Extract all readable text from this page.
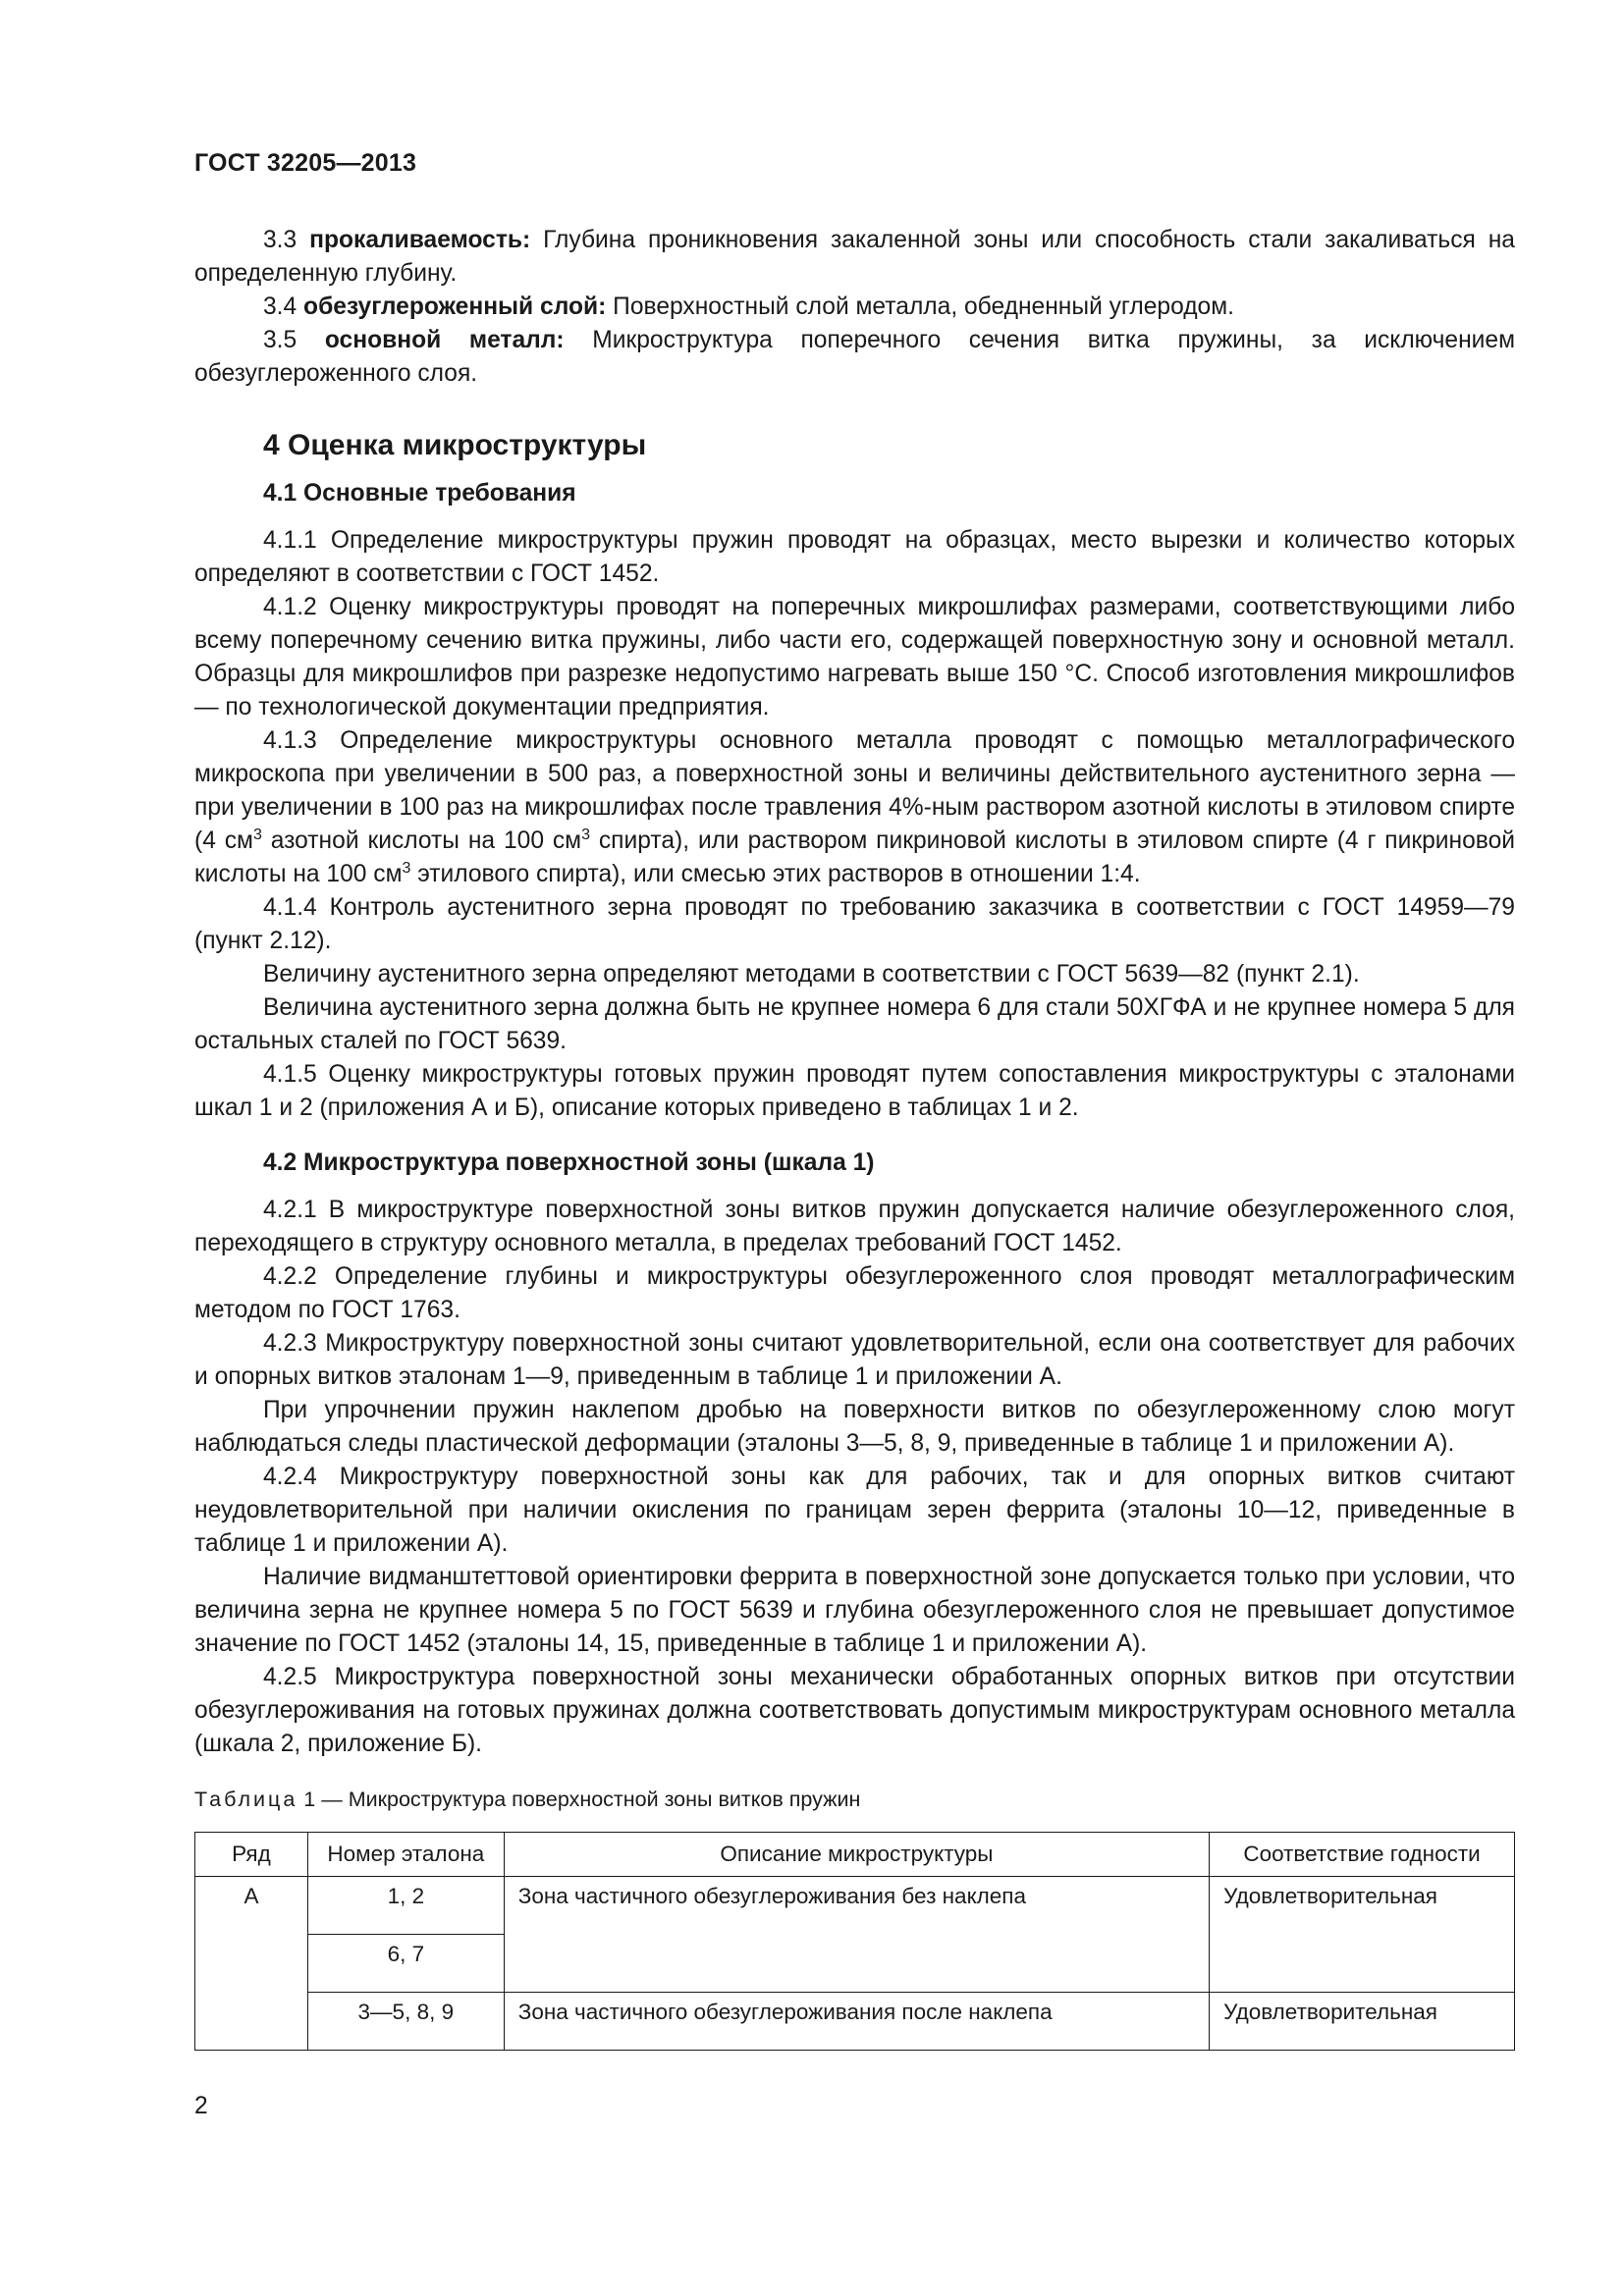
ГОСТ 32205—2013

3.3 прокаливаемость: Глубина проникновения закаленной зоны или способность стали закаливаться на определенную глубину.

3.4 обезуглероженный слой: Поверхностный слой металла, обедненный углеродом.

3.5 основной металл: Микроструктура поперечного сечения витка пружины, за исключением обезуглероженного слоя.

4 Оценка микроструктуры
4.1 Основные требования

4.1.1 Определение микроструктуры пружин проводят на образцах, место вырезки и количество которых определяют в соответствии с ГОСТ 1452.

4.1.2 Оценку микроструктуры проводят на поперечных микрошлифах размерами, соответствующими либо всему поперечному сечению витка пружины, либо части его, содержащей поверхностную зону и основной металл. Образцы для микрошлифов при разрезке недопустимо нагревать выше 150 °С. Способ изготовления микрошлифов — по технологической документации предприятия.

4.1.3 Определение микроструктуры основного металла проводят с помощью металлографического микроскопа при увеличении в 500 раз, а поверхностной зоны и величины действительного аустенитного зерна — при увеличении в 100 раз на микрошлифах после травления 4%-ным раствором азотной кислоты в этиловом спирте (4 $см^3$ азотной кислоты на 100 $см^3$ спирта), или раствором пикриновой кислоты в этиловом спирте (4 г пикриновой кислоты на 100 $см^3$ этилового спирта), или смесью этих растворов в отношении 1:4.

4.1.4 Контроль аустенитного зерна проводят по требованию заказчика в соответствии с ГОСТ 14959—79 (пункт 2.12).

Величину аустенитного зерна определяют методами в соответствии с ГОСТ 5639—82 (пункт 2.1).

Величина аустенитного зерна должна быть не крупнее номера 6 для стали 50ХГФА и не крупнее номера 5 для остальных сталей по ГОСТ 5639.

4.1.5 Оценку микроструктуры готовых пружин проводят путем сопоставления микроструктуры с эталонами шкал 1 и 2 (приложения А и Б), описание которых приведено в таблицах 1 и 2.

4.2 Микроструктура поверхностной зоны (шкала 1)

4.2.1 В микроструктуре поверхностной зоны витков пружин допускается наличие обезуглероженного слоя, переходящего в структуру основного металла, в пределах требований ГОСТ 1452.

4.2.2 Определение глубины и микроструктуры обезуглероженного слоя проводят металлографическим методом по ГОСТ 1763.

4.2.3 Микроструктуру поверхностной зоны считают удовлетворительной, если она соответствует для рабочих и опорных витков эталонам 1—9, приведенным в таблице 1 и приложении А.

При упрочнении пружин наклепом дробью на поверхности витков по обезуглероженному слою могут наблюдаться следы пластической деформации (эталоны 3—5, 8, 9, приведенные в таблице 1 и приложении А).

4.2.4 Микроструктуру поверхностной зоны как для рабочих, так и для опорных витков считают неудовлетворительной при наличии окисления по границам зерен феррита (эталоны 10—12, приведенные в таблице 1 и приложении А).

Наличие видманштеттовой ориентировки феррита в поверхностной зоне допускается только при условии, что величина зерна не крупнее номера 5 по ГОСТ 5639 и глубина обезуглероженного слоя не превышает допустимое значение по ГОСТ 1452 (эталоны 14, 15, приведенные в таблице 1 и приложении А).

4.2.5 Микроструктура поверхностной зоны механически обработанных опорных витков при отсутствии обезуглероживания на готовых пружинах должна соответствовать допустимым микроструктурам основного металла (шкала 2, приложение Б).

Таблица 1 — Микроструктура поверхностной зоны витков пружин
Ряд	Номер эталона	Описание микроструктуры	Соответствие годности
А	1, 2	Зона частичного обезуглероживания без наклепа	Удовлетворительная
	6, 7		
	3—5, 8, 9	Зона частичного обезуглероживания после наклепа	Удовлетворительная
2
